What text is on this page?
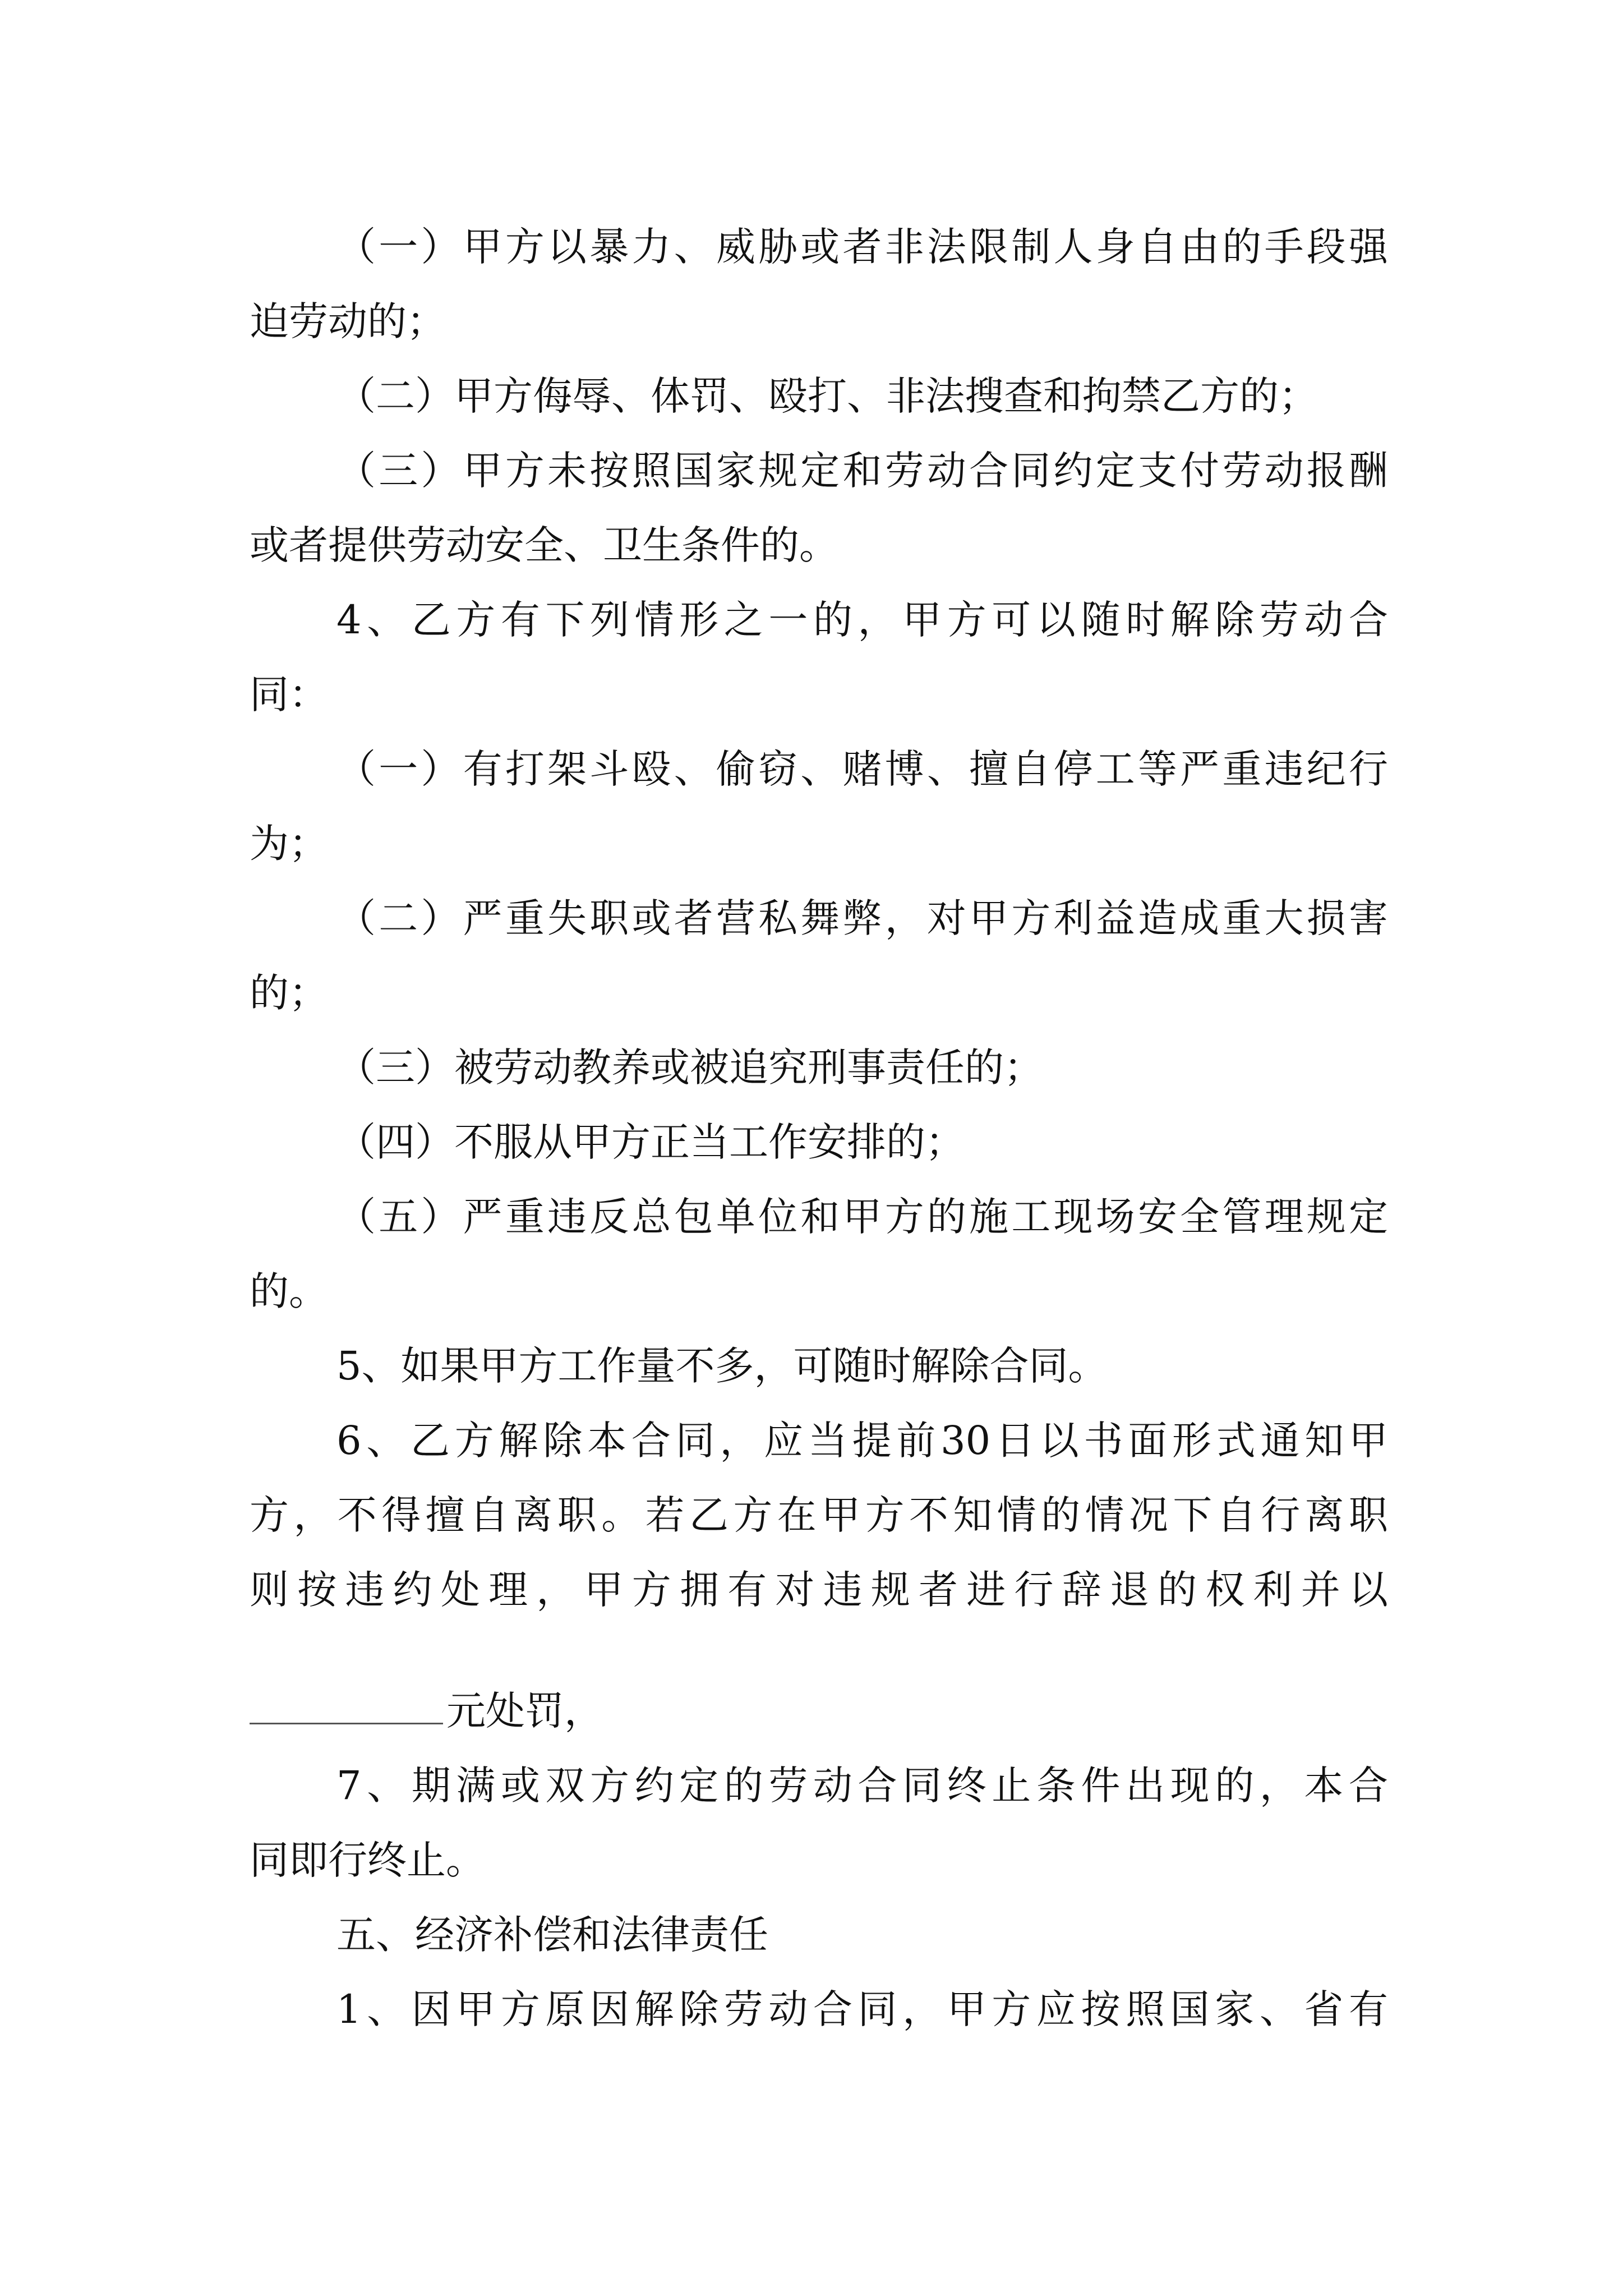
（一）甲方以暴力、威胁或者非法限制人身自由的手段强

迫劳动的；

（二）甲方侮辱、体罚、殴打、非法搜查和拘禁乙方的；

（三）甲方未按照国家规定和劳动合同约定支付劳动报酬

或者提供劳动安全、卫生条件的。

4、乙方有下列情形之一的，甲方可以随时解除劳动合

同：

（一）有打架斗殴、偷窃、赌博、擅自停工等严重违纪行

为；

（二）严重失职或者营私舞弊，对甲方利益造成重大损害

的；

（三）被劳动教养或被追究刑事责任的；

（四）不服从甲方正当工作安排的；

（五）严重违反总包单位和甲方的施工现场安全管理规定

的。

5、如果甲方工作量不多，可随时解除合同。

6、乙方解除本合同，应当提前30日以书面形式通知甲

方，不得擅自离职。若乙方在甲方不知情的情况下自行离职

则按违约处理，甲方拥有对违规者进行辞退的权利并以

元处罚，

7、期满或双方约定的劳动合同终止条件出现的，本合

同即行终止。

五、经济补偿和法律责任

1、因甲方原因解除劳动合同，甲方应按照国家、省有
